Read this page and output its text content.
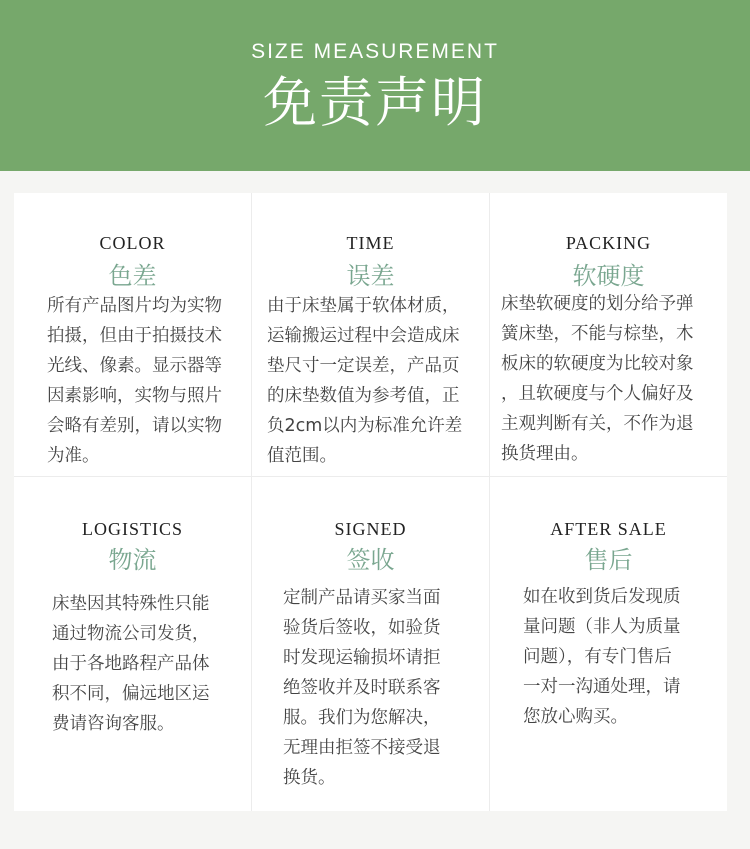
SIZE MEASUREMENT
免责声明
COLOR
色差
所有产品图片均为实物
拍摄，但由于拍摄技术
光线、像素。显示器等
因素影响，实物与照片
会略有差别，请以实物
为准。
TIME
误差
由于床垫属于软体材质，
运输搬运过程中会造成床
垫尺寸一定误差，产品页
的床垫数值为参考值，正
负2cm以内为标准允许差
值范围。
PACKING
软硬度
床垫软硬度的划分给予弹
簧床垫，不能与棕垫，木
板床的软硬度为比较对象
，且软硬度与个人偏好及
主观判断有关，不作为退
换货理由。
LOGISTICS
物流
床垫因其特殊性只能
通过物流公司发货，
由于各地路程产品体
积不同，偏远地区运
费请咨询客服。
SIGNED
签收
定制产品请买家当面
验货后签收，如验货
时发现运输损坏请拒
绝签收并及时联系客
服。我们为您解决，
无理由拒签不接受退
换货。
AFTER SALE
售后
如在收到货后发现质
量问题（非人为质量
问题），有专门售后
一对一沟通处理，请
您放心购买。
